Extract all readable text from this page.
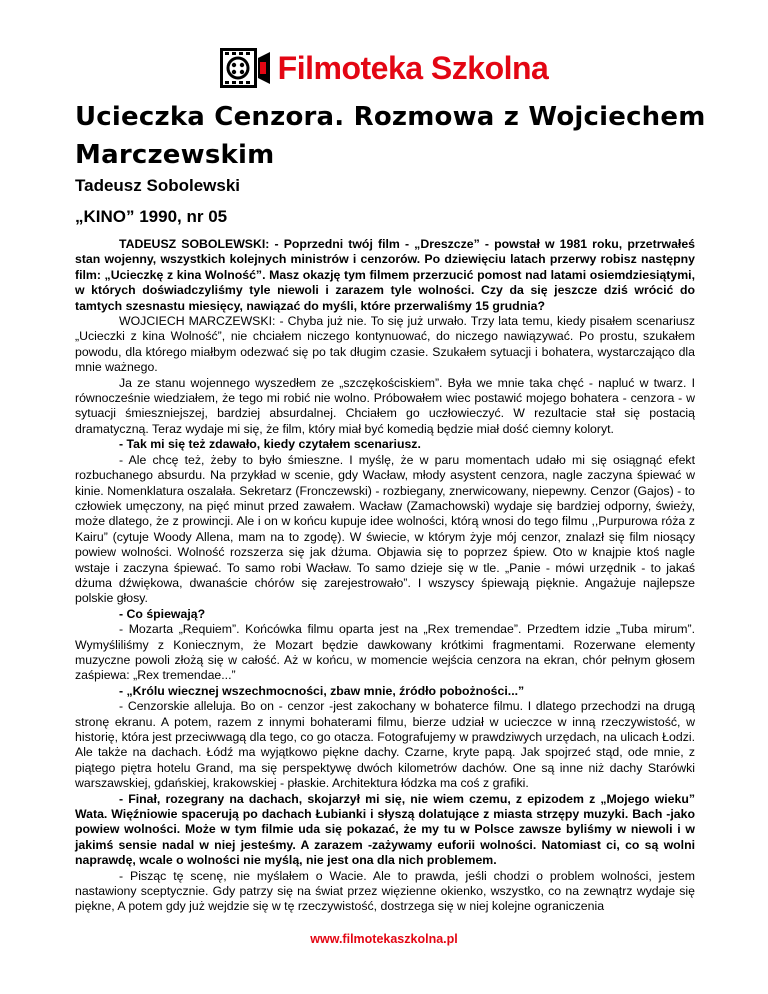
Filmoteka Szkolna
Ucieczka Cenzora. Rozmowa z Wojciechem Marczewskim
Tadeusz Sobolewski
„KINO” 1990, nr 05

TADEUSZ SOBOLEWSKI: - Poprzedni twój film - „Dreszcze” - powstał w 1981 roku, przetrwałeś stan wojenny, wszystkich kolejnych ministrów i cenzorów. Po dziewięciu latach przerwy robisz następny film: „Ucieczkę z kina Wolność”. Masz okazję tym filmem przerzucić pomost nad latami osiemdziesiątymi, w których doświadczyliśmy tyle niewoli i zarazem tyle wolności. Czy da się jeszcze dziś wrócić do tamtych szesnastu miesięcy, nawiązać do myśli, które przerwaliśmy 15 grudnia?

WOJCIECH MARCZEWSKI: - Chyba już nie. To się już urwało. Trzy lata temu, kiedy pisałem scenariusz „Ucieczki z kina Wolność”, nie chciałem niczego kontynuować, do niczego nawiązywać. Po prostu, szukałem powodu, dla którego miałbym odezwać się po tak długim czasie. Szukałem sytuacji i bohatera, wystarczająco dla mnie ważnego.

Ja ze stanu wojennego wyszedłem ze „szczękościskiem”. Była we mnie taka chęć - napluć w twarz. I równocześnie wiedziałem, że tego mi robić nie wolno. Próbowałem wiec postawić mojego bohatera - cenzora - w sytuacji śmieszniejszej, bardziej absurdalnej. Chciałem go uczłowieczyć. W rezultacie stał się postacią dramatyczną. Teraz wydaje mi się, że film, który miał być komedią będzie miał dość ciemny koloryt.

- Tak mi się też zdawało, kiedy czytałem scenariusz.

- Ale chcę też, żeby to było śmieszne. I myślę, że w paru momentach udało mi się osiągnąć efekt rozbuchanego absurdu. Na przykład w scenie, gdy Wacław, młody asystent cenzora, nagle zaczyna śpiewać w kinie. Nomenklatura oszalała. Sekretarz (Fronczewski) - rozbiegany, znerwicowany, niepewny. Cenzor (Gajos) - to człowiek umęczony, na pięć minut przed zawałem. Wacław (Zamachowski) wydaje się bardziej odporny, świeży, może dlatego, że z prowincji. Ale i on w końcu kupuje idee wolności, którą wnosi do tego filmu ,,Purpurowa róża z Kairu” (cytuje Woody Allena, mam na to zgodę). W świecie, w którym żyje mój cenzor, znalazł się film niosący powiew wolności. Wolność rozszerza się jak dżuma. Objawia się to poprzez śpiew. Oto w knajpie ktoś nagle wstaje i zaczyna śpiewać. To samo robi Wacław. To samo dzieje się w tle. „Panie - mówi urzędnik - to jakaś dżuma dźwiękowa, dwanaście chórów się zarejestrowało”. I wszyscy śpiewają pięknie. Angażuje najlepsze polskie głosy.

- Co śpiewają?

- Mozarta „Requiem”. Końcówka filmu oparta jest na „Rex tremendae”. Przedtem idzie „Tuba mirum”. Wymyśliliśmy z Koniecznym, że Mozart będzie dawkowany krótkimi fragmentami. Rozerwane elementy muzyczne powoli złożą się w całość. Aż w końcu, w momencie wejścia cenzora na ekran, chór pełnym głosem zaśpiewa: „Rex tremendae...”

- „Królu wiecznej wszechmocności, zbaw mnie, źródło pobożności...”

- Cenzorskie alleluja. Bo on - cenzor -jest zakochany w bohaterce filmu. I dlatego przechodzi na drugą stronę ekranu. A potem, razem z innymi bohaterami filmu, bierze udział w ucieczce w inną rzeczywistość, w historię, która jest przeciwwagą dla tego, co go otacza. Fotografujemy w prawdziwych urzędach, na ulicach Łodzi. Ale także na dachach. Łódź ma wyjątkowo piękne dachy. Czarne, kryte papą. Jak spojrzeć stąd, ode mnie, z piątego piętra hotelu Grand, ma się perspektywę dwóch kilometrów dachów. One są inne niż dachy Starówki warszawskiej, gdańskiej, krakowskiej - płaskie. Architektura łódzka ma coś z grafiki.

- Finał, rozegrany na dachach, skojarzył mi się, nie wiem czemu, z epizodem z „Mojego wieku” Wata. Więźniowie spacerują po dachach Łubianki i słyszą dolatujące z miasta strzępy muzyki. Bach -jako powiew wolności. Może w tym filmie uda się pokazać, że my tu w Polsce zawsze byliśmy w niewoli i w jakimś sensie nadal w niej jesteśmy. A zarazem -zażywamy euforii wolności. Natomiast ci, co są wolni naprawdę, wcale o wolności nie myślą, nie jest ona dla nich problemem.

- Pisząc tę scenę, nie myślałem o Wacie. Ale to prawda, jeśli chodzi o problem wolności, jestem nastawiony sceptycznie. Gdy patrzy się na świat przez więzienne okienko, wszystko, co na zewnątrz wydaje się piękne, A potem gdy już wejdzie się w tę rzeczywistość, dostrzega się w niej kolejne ograniczenia

www.filmotekaszkolna.pl
